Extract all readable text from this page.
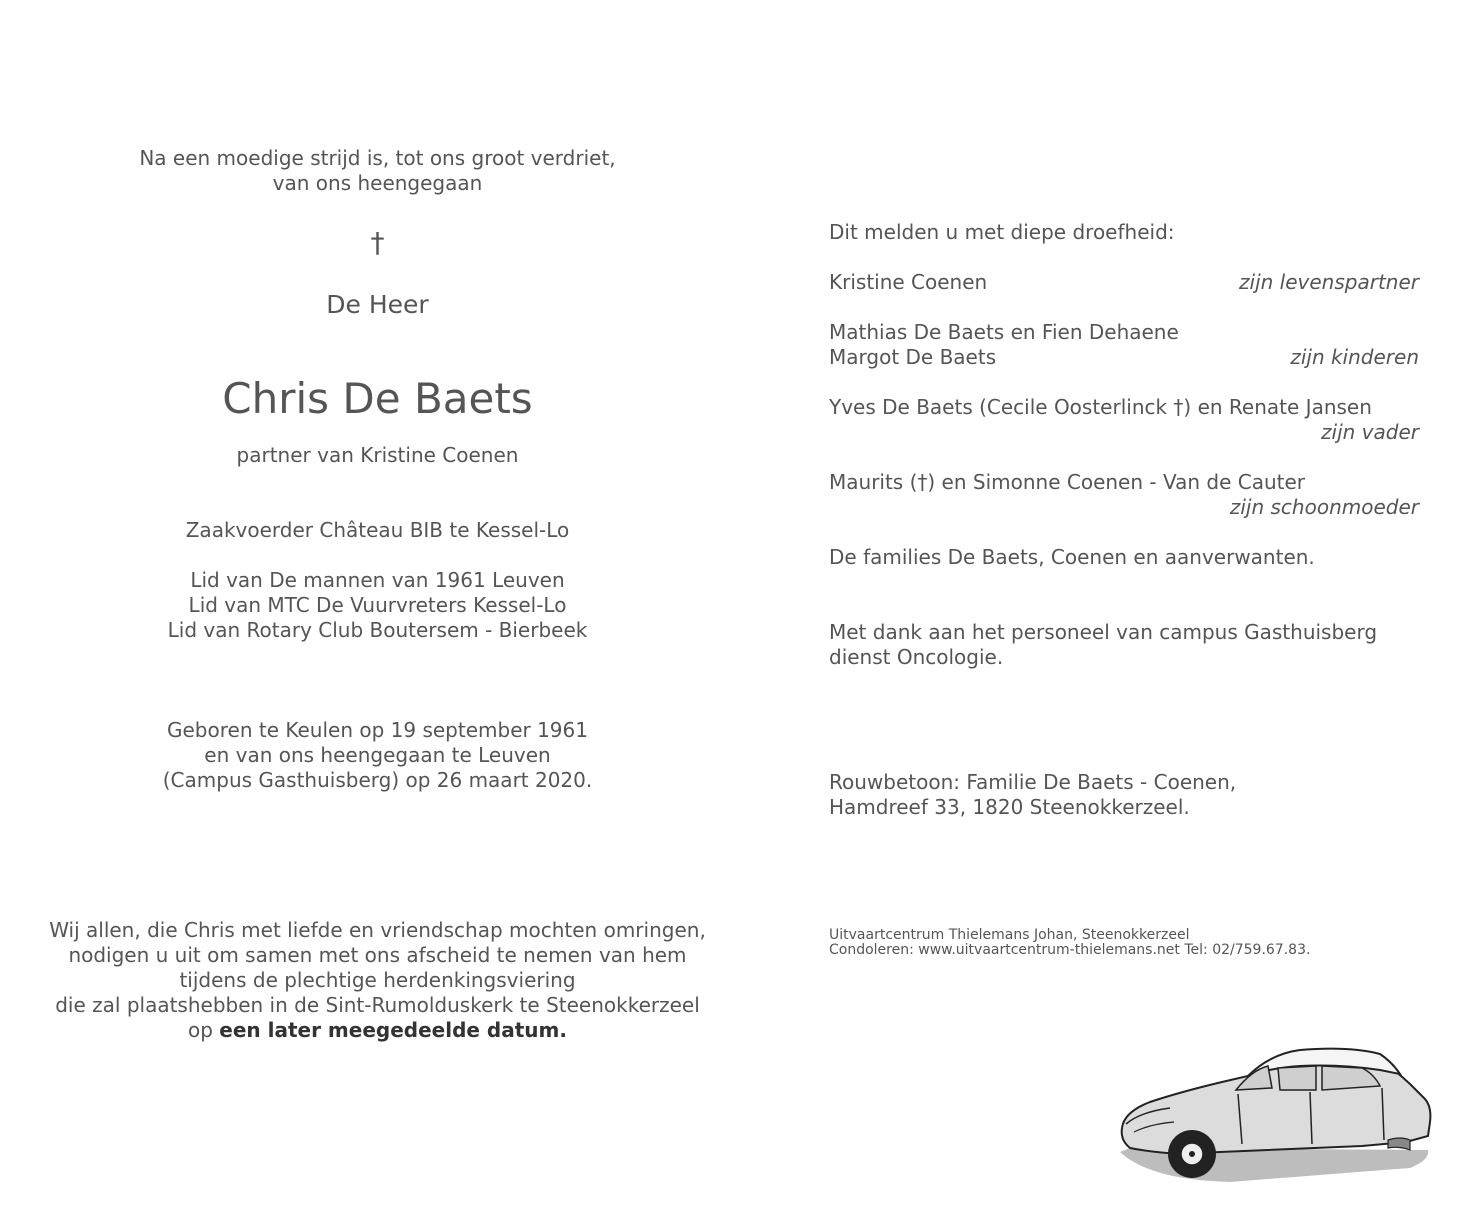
Na een moedige strijd is, tot ons groot verdriet,
van ons heengegaan
†
De Heer
Chris De Baets
partner van Kristine Coenen
Zaakvoerder Château BIB te Kessel-Lo
Lid van De mannen van 1961 Leuven
Lid van MTC De Vuurvreters Kessel-Lo
Lid van Rotary Club Boutersem - Bierbeek
Geboren te Keulen op 19 september 1961
en van ons heengegaan te Leuven
(Campus Gasthuisberg) op 26 maart 2020.
Wij allen, die Chris met liefde en vriendschap mochten omringen,
nodigen u uit om samen met ons afscheid te nemen van hem
tijdens de plechtige herdenkingsviering
die zal plaatshebben in de Sint-Rumolduskerk te Steenokkerzeel
op een later meegedeelde datum.
Dit melden u met diepe droefheid:
Kristine Coenen	zijn levenspartner
Mathias De Baets en Fien Dehaene
Margot De Baets	zijn kinderen
Yves De Baets (Cecile Oosterlinck †) en Renate Jansen
zijn vader
Maurits (†) en Simonne Coenen - Van de Cauter
zijn schoonmoeder
De families De Baets, Coenen en aanverwanten.
Met dank aan het personeel van campus Gasthuisberg
dienst Oncologie.
Rouwbetoon: Familie De Baets - Coenen,
Hamdreef 33, 1820 Steenokkerzeel.
Uitvaartcentrum Thielemans Johan, Steenokkerzeel
Condoleren: www.uitvaartcentrum-thielemans.net Tel: 02/759.67.83.
